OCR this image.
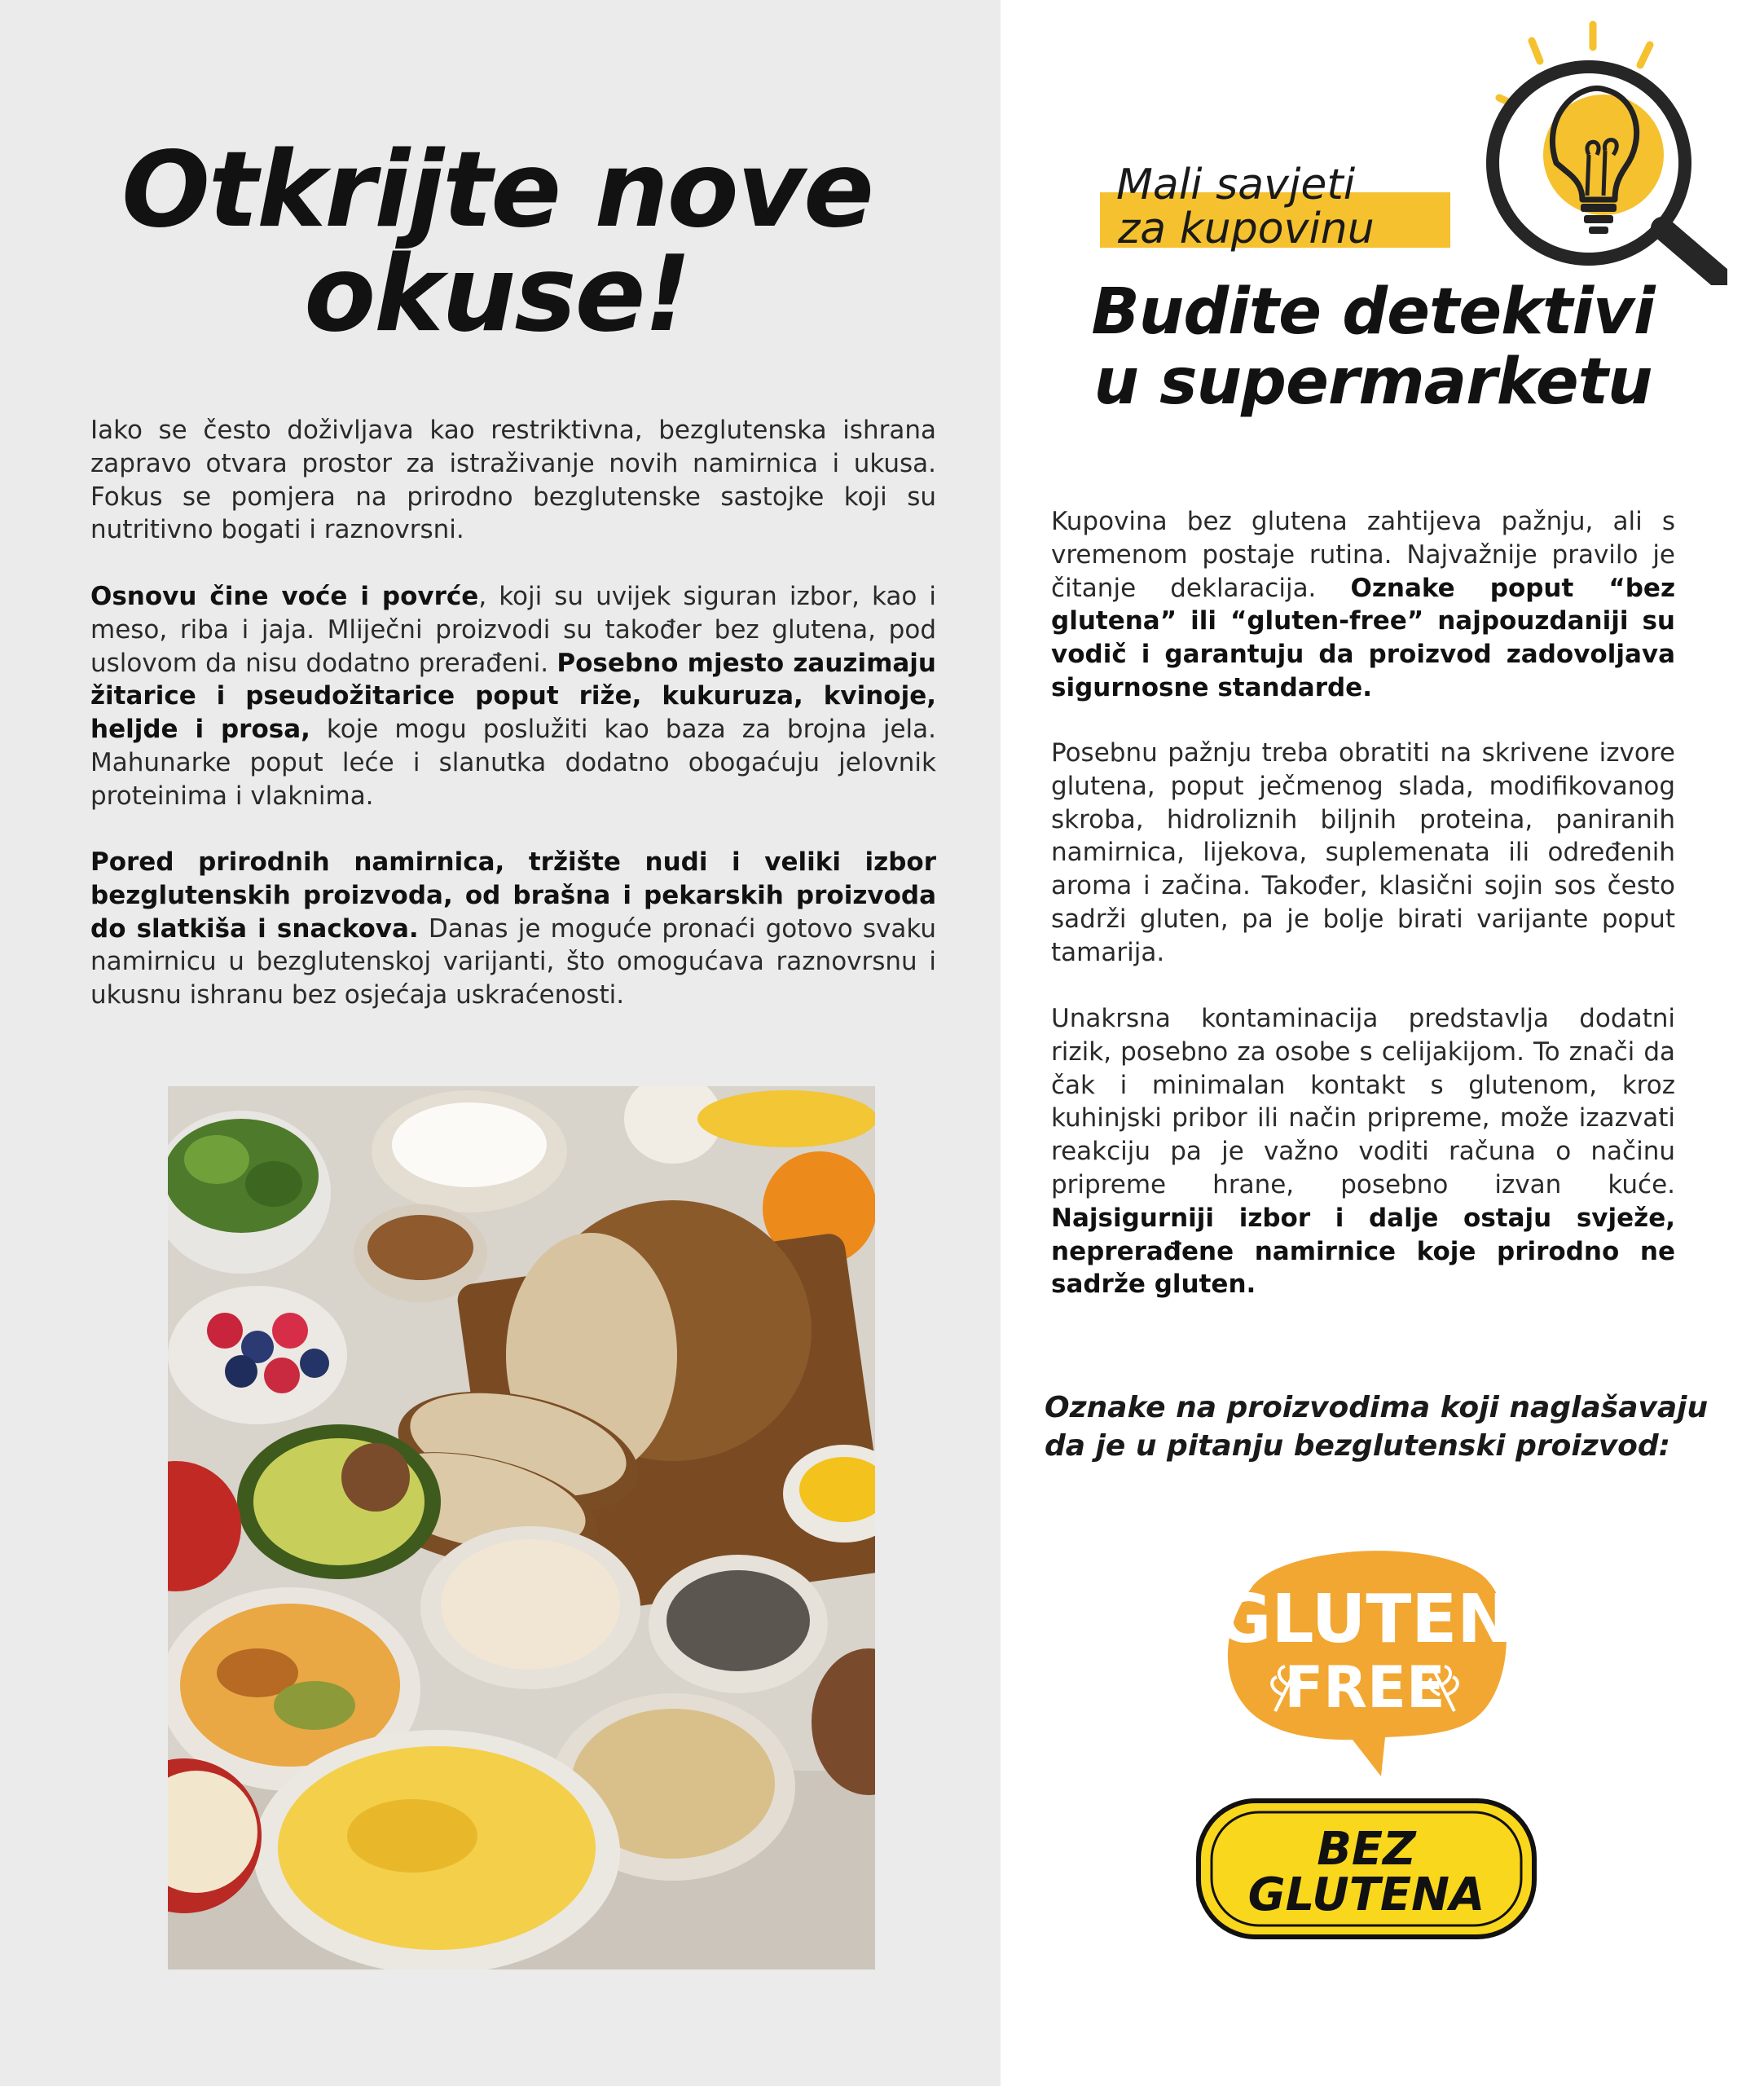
Otkrijte nove
okuse!

Iako se često doživljava kao restriktivna, bezglutenska ishrana zapravo otvara prostor za istraživanje novih namirnica i ukusa. Fokus se pomjera na prirodno bezglutenske sastojke koji su nutritivno bogati i raznovrsni.

Osnovu čine voće i povrće, koji su uvijek siguran izbor, kao i meso, riba i jaja. Mliječni proizvodi su također bez glutena, pod uslovom da nisu dodatno prerađeni. Posebno mjesto zauzimaju žitarice i pseudožitarice poput riže, kukuruza, kvinoje, heljde i prosa, koje mogu poslužiti kao baza za brojna jela. Mahunarke poput leće i slanutka dodatno obogaćuju jelovnik proteinima i vlaknima.

Pored prirodnih namirnica, tržište nudi i veliki izbor bezglutenskih proizvoda, od brašna i pekarskih proizvoda do slatkiša i snackova. Danas je moguće pronaći gotovo svaku namirnicu u bezglutenskoj varijanti, što omogućava raznovrsnu i ukusnu ishranu bez osjećaja uskraćenosti.

Mali savjeti
za kupovinu
Budite detektivi
u supermarketu

Kupovina bez glutena zahtijeva pažnju, ali s vremenom postaje rutina. Najvažnije pravilo je čitanje deklaracija. Oznake poput “bez glutena” ili “gluten-free” najpouzdaniji su vodič i garantuju da proizvod zadovoljava sigurnosne standarde.

Posebnu pažnju treba obratiti na skrivene izvore glutena, poput ječmenog slada, modifikovanog skroba, hidroliznih biljnih proteina, paniranih namirnica, lijekova, suplemenata ili određenih aroma i začina. Također, klasični sojin sos često sadrži gluten, pa je bolje birati varijante poput tamarija.

Unakrsna kontaminacija predstavlja dodatni rizik, posebno za osobe s celijakijom. To znači da čak i minimalan kontakt s glutenom, kroz kuhinjski pribor ili način pripreme, može izazvati reakciju pa je važno voditi računa o načinu pripreme hrane, posebno izvan kuće. Najsigurniji izbor i dalje ostaju svježe, neprerađene namirnice koje prirodno ne sadrže gluten.

Oznake na proizvodima koji naglašavaju
da je u pitanju bezglutenski proizvod:
GLUTEN
FREE
BEZ
GLUTENA
